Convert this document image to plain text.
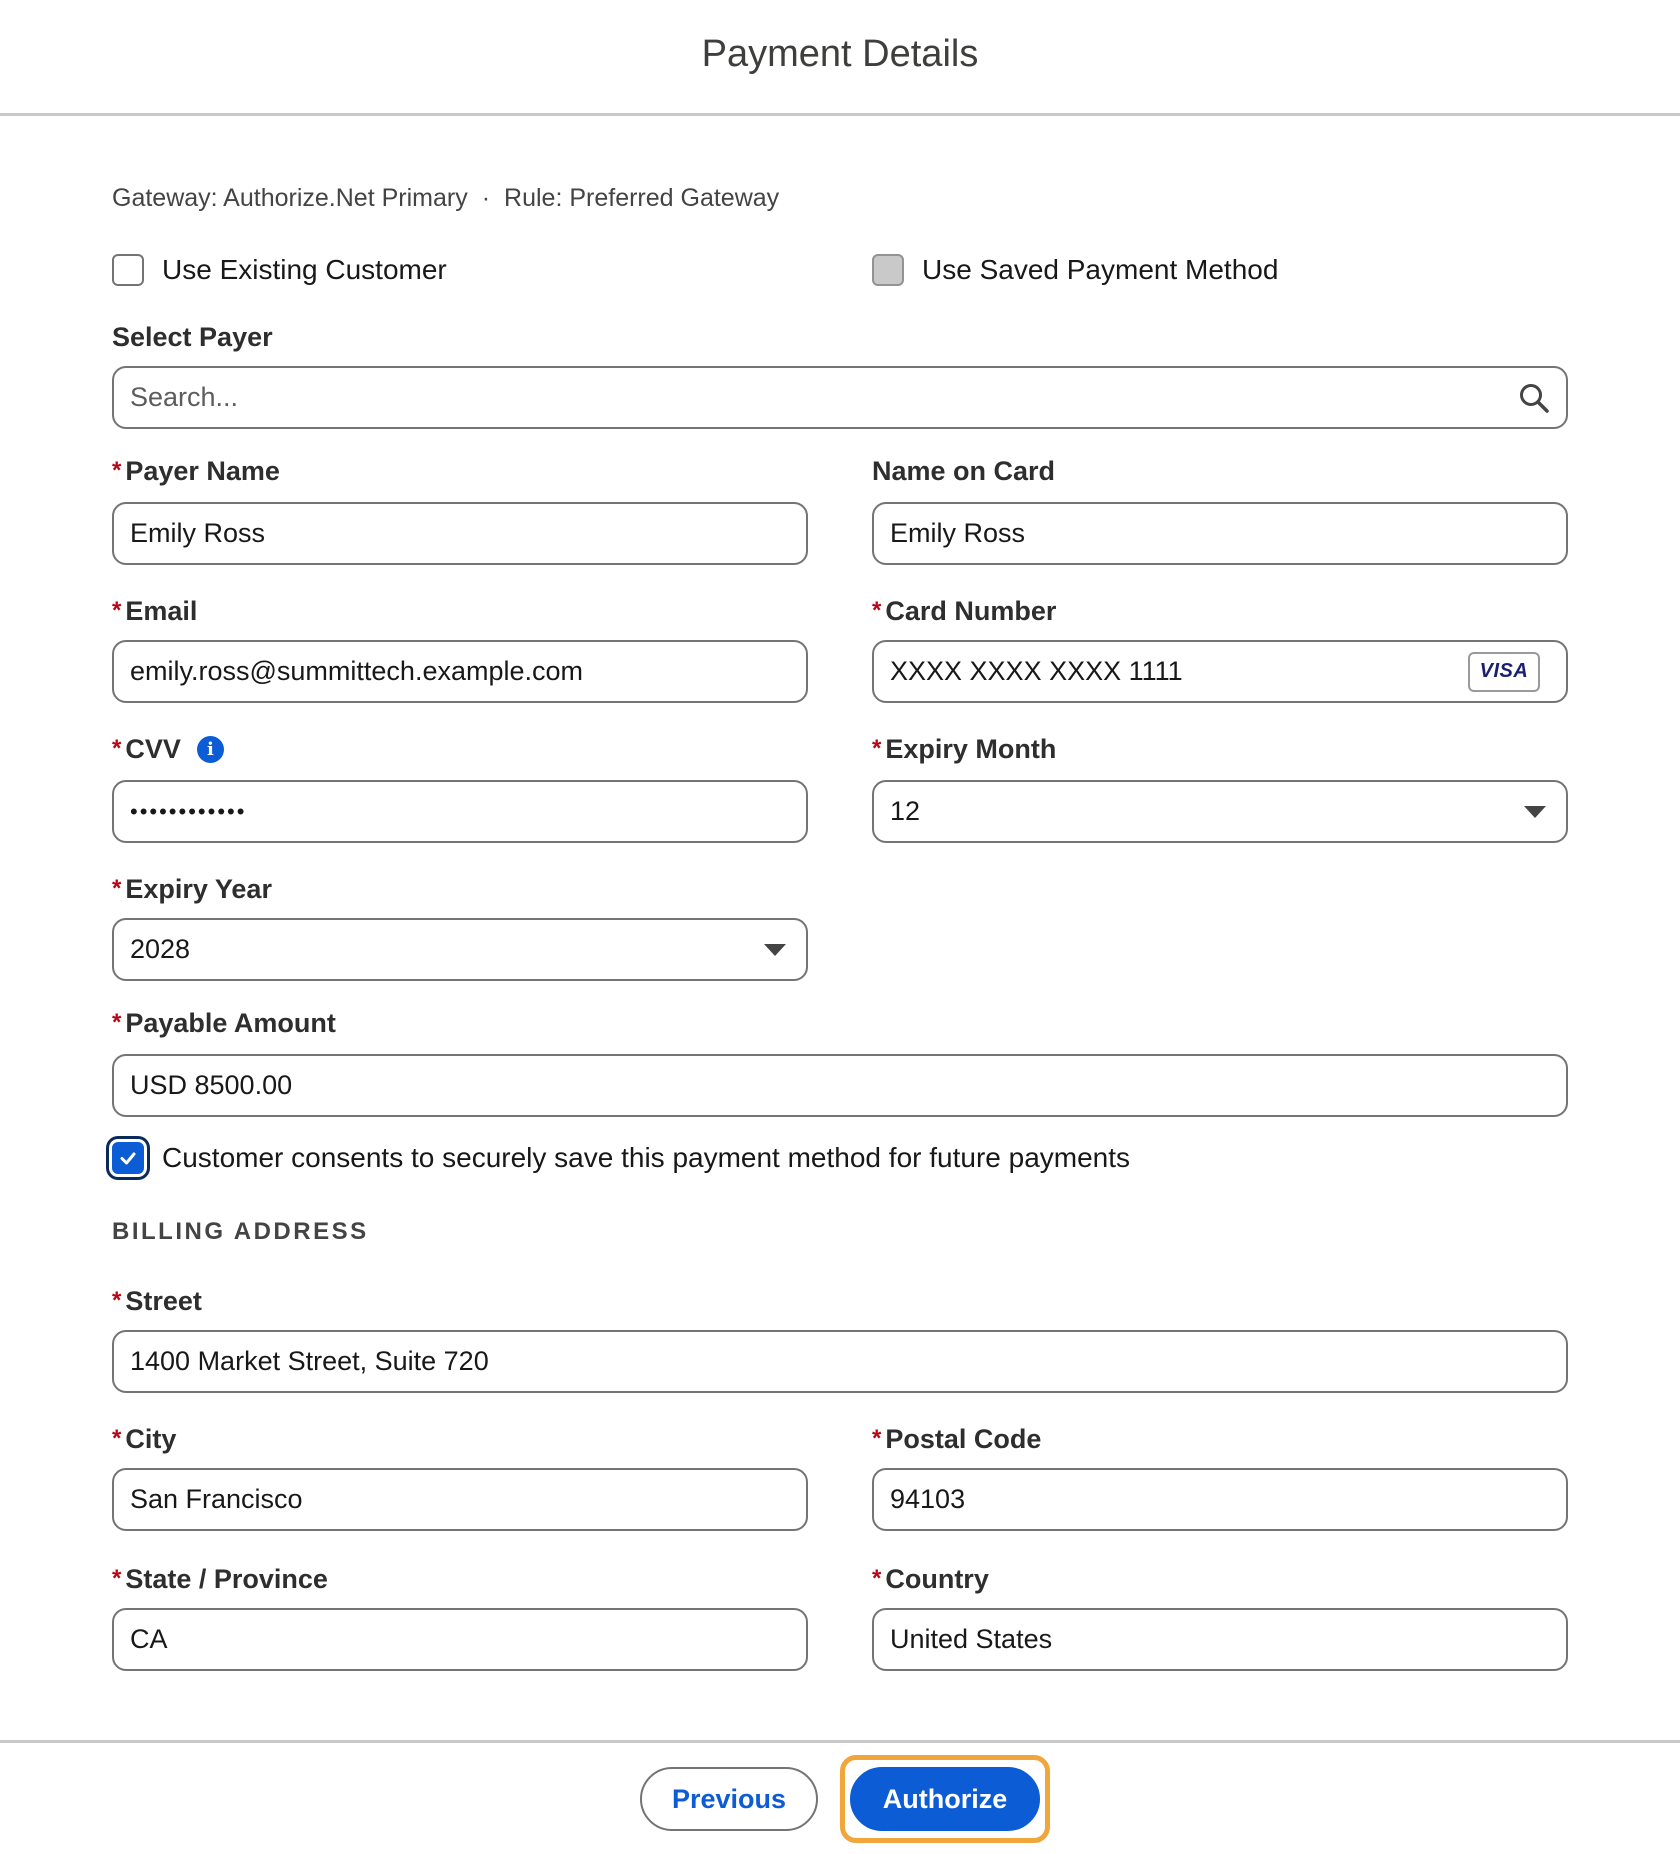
Payment Details
Gateway: Authorize.Net Primary · Rule: Preferred Gateway
Use Existing Customer	Use Saved Payment Method
Select Payer
Search...
* Payer Name
Emily Ross
Name on Card
Emily Ross
* Email
emily.ross@summittech.example.com
* Card Number
XXXX XXXX XXXX 1111	VISA
* CVV i
••••••••••••
* Expiry Month
12
* Expiry Year
2028
* Payable Amount
USD 8500.00
Customer consents to securely save this payment method for future payments
BILLING ADDRESS
* Street
1400 Market Street, Suite 720
* City
San Francisco
* Postal Code
94103
* State / Province
CA
* Country
United States
Previous	Authorize
